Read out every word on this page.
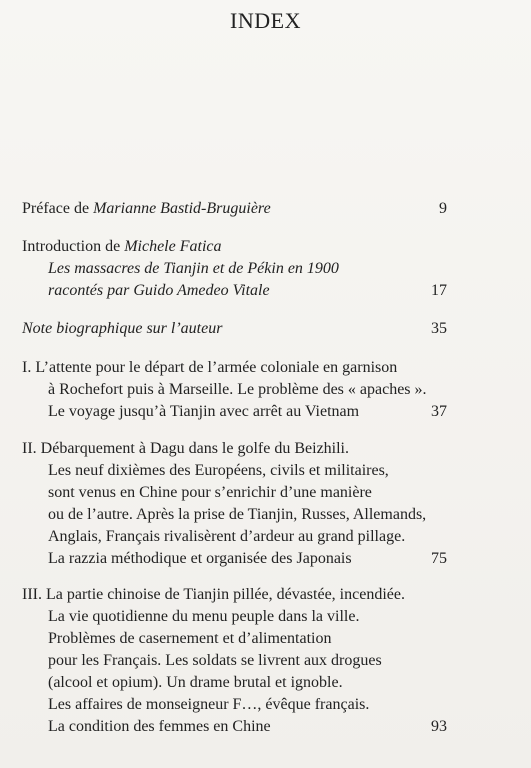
INDEX
Préface de Marianne Bastid-Bruguière	9
Introduction de Michele Fatica
Les massacres de Tianjin et de Pékin en 1900
racontés par Guido Amedeo Vitale	17
Note biographique sur l’auteur	35
I. L’attente pour le départ de l’armée coloniale en garnison
à Rochefort puis à Marseille. Le problème des « apaches ».
Le voyage jusqu’à Tianjin avec arrêt au Vietnam	37
II. Débarquement à Dagu dans le golfe du Beizhili.
Les neuf dixièmes des Européens, civils et militaires,
sont venus en Chine pour s’enrichir d’une manière
ou de l’autre. Après la prise de Tianjin, Russes, Allemands,
Anglais, Français rivalisèrent d’ardeur au grand pillage.
La razzia méthodique et organisée des Japonais	75
III. La partie chinoise de Tianjin pillée, dévastée, incendiée.
La vie quotidienne du menu peuple dans la ville.
Problèmes de casernement et d’alimentation
pour les Français. Les soldats se livrent aux drogues
(alcool et opium). Un drame brutal et ignoble.
Les affaires de monseigneur F…, évêque français.
La condition des femmes en Chine	93
